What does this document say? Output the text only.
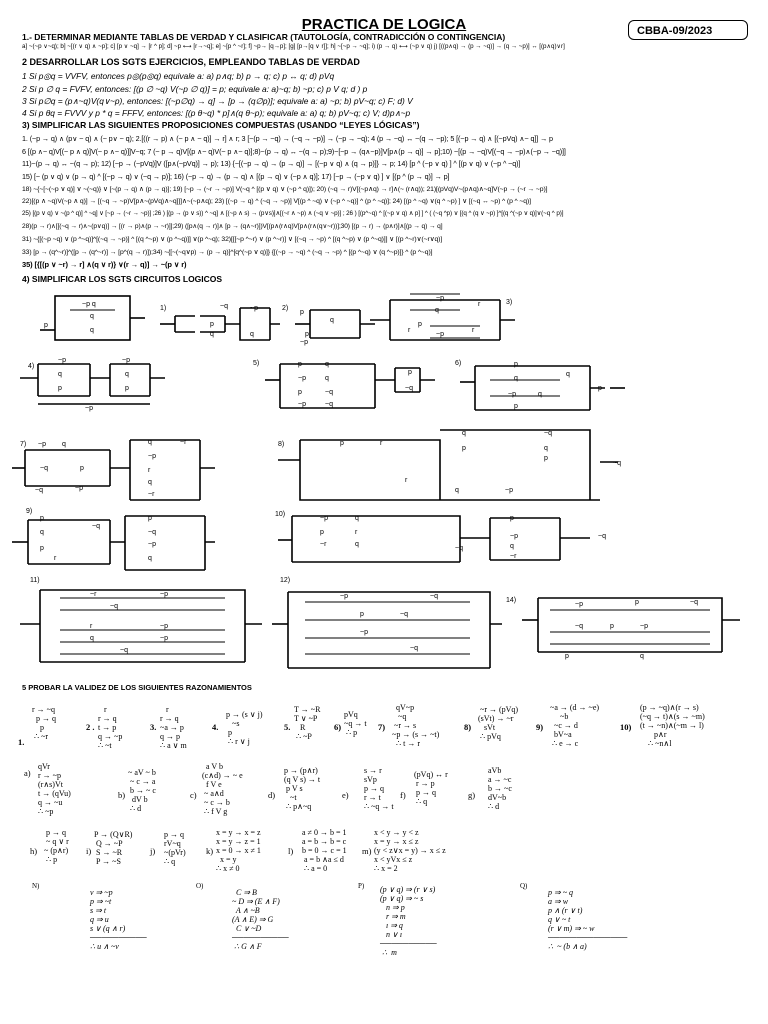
PRACTICA DE LOGICA	CBBA-09/2023
1.- DETERMINAR MEDIANTE TABLAS DE VERDAD Y CLASIFICAR (TAUTOLOGÍA, CONTRADICCIÓN O CONTINGENCIA)
a] ~(~p ∨~q); b] ~[(r ∨ q) ∧ ~p]; c] [p ∨ ~q] → [r ^ p]; d] ~p ⟷ [r→~q]; e] ~[p ^ ~r]; f] ~p→ [q→p]; [g] [p→[q ∨ r]]; h] ~[~p → ~q]; i) (p → q) ⟷ (~p ∨ q) j) [((p∧q) → (p → ~q)] → (q → ~p)] ↔ [(p∧q)∨r]
2 DESARROLLAR LOS SGTS EJERCICIOS, EMPLEANDO TABLAS DE VERDAD
1 Si p◎q = VVFV, entonces p◎(p◎q) equivale a: a) p∧q; b) p → q; c) p ↔ q; d) pVq
2 Si p ∅ q = FVFV, entonces: [(p ∅ ~q) V(~p ∅ q)] = p; equivale a: a)~q; b) ~p; c) p V q; d ) p
3 Si p∅q = (p∧~q)V(q∨~p), entonces: [(~p∅q) → q] → [p → (q∅p)]; equivale a: a) ~p; b) pV~q; c) F; d) V
4 Si p θq = FVVV y p * q = FFFV, entonces: [(p θ~q) * p]∧(q θ~p); equivale a: a) q; b) pV~q; c) V; d)p∧~p
3) SIMPLIFICAR LAS SIGUIENTES PROPOSICIONES COMPUESTAS (USANDO “LEYES LÓGICAS”)
1. (~p → q) ∧ (p∨ ~ q) ∧ (~ p∨ ~ q); 2.[((r → p) ∧ (~ p ∧ ~ q)] → r] ∧ r; 3 [~(p → ~q) → (~q → ~p)] → (~p → ~q); 4 (p → ~q) ↔ ~(q → ~p); 5 [(~p → q) ∧ [(~pVq) ∧~ q]] → p
6 [(p ∧~ q)V[(~ p ∧ q)]V(~ p ∧~ q)]]V~q; 7 (~ p → q)V[(p ∧~ q)V(~ p ∧~ q)];8)~(p → q) ↔ ~(q → p);9)~[~p → (q∧~p)]V[p∧(p → q)] → p];10) ~[(p → ~q)V[(~q → ~p)∧(~p → ~q)]]
11)~(p → q) ↔ ~(q → p); 12) [~p → (~pVq)]V ([p∧(~pVq)] → p); 13) {~[(~p → q) → (p → q)] → [(~p ∨ q) ∧ (q → p)]} → p; 14) [p ^ (~p ∨ q) ] ^ [(p ∨ q) ∨ (~p ^ ~q)]
15) [~ (p ∨ q) ∨ (p → q) ^ [(~p → q) ∨ (~q → p)]; 16) (~p → q) → (p → q) ∧ [(p → q) ∨ (~p ∧ q)]; 17) [~p → (~p ∨ q) ] ∨ [(p ^ (p → q)] → p]
18) ~{~[~(~p ∨ q)] ∨ ~(~q)} ∨ [~(p → q) ∧ (p → q)]; 19) [~p → (~r → ~p)] V(~q ^ [(p ∨ q) ∨ (~p ^ q)]); 20) (~q → r)V[(~p∧q) → r]∧(~ (r∧q)); 21)[(pVq)V~(p∧q)∧~q]V(~p → (~r → ~p)]
22)[(p ∧ ~q)V(~p ∧ q)] → [(~q → ~p)V[p∧~(pVq)∧~q]]]∧~(~p∧q); 23) [(~p → q) ^ (~q → ~p)] V[(p ^ ~q) ∨ (~p ^ ~q)] ^ (p ^ ~q)]; 24) [(p ^ ~q) ∨(q ^ ~p) ] ∨ [(~q ↔ ~p) ^ (p ^ ~q)]
25) [(p ∨ q) ∨ ~(p ^ q)] ^ ~q] ∨ [~p → (~r → ~p)] ;26 ) [(p → (p ∨ s)) ^ ~q] ∧ [(~p ∧ s) → (p∨s)]∧[(~r ∧ ~p) ∧ (~q ∨ ~p)] ; 26 ) [(p^~q) ^ [(~p ∨ q) ∧ p] ] ^ ( (~q ^p) ∨ [(q ^ (q ∨ ~p) ]^[(q ^(~p ∨ q)]∨(~q ^ p)]
28)(p → r)∧[[(~q → r)∧~(p∨q)] → [(r → p)∧(p → ~r)]];29) ([p∧(q → r)]∧ [p → (q∧~r)])V[(p∧(r∧q)V[p∧(r∧(q∨~r))];30) [(p → r) → (p∧r)]∧[(p → q) → q]
31) ~{[(~p ~q) ∨ (p ^~q)]^[(~q → ~p)] ^ [(q ^~p) ∨ (p ^~q)]] ∨(p ^~q); 32)[[[~p ^~r) ∨ (p ^~r)] ∨ [(~q → ~p) ^ [(q ^~p) ∨ (p ^~q)]] ∨ [(p ^~r)∨(~r∨q)]
33) [p → (q^~r)]^([p → (q^~r)] → [p^(q → r)]);34) ~{[~(~q∨p) → (p → q)]^[q^(~p ∨ q)]} {[(~p → ~q) ^ (~q → ~p) ^ [(p ^~q) ∨ (q ^~p)]} ^ (p ^~q)]
35) [{[(p ∨ ~r) → r] ∧(q ∨ r)} ∨(r → q)] → ~(p ∨ r)
4) SIMPLIFICAR LOS SGTS CIRCUITOS LOGICOS
p
~p q
q
q
1)	~q	~p
p
q	q
2)
p
q
p
~p
3)
~p
q
p
~p
r
r	r
4)
~p
q
p
~p
q
p
~p
5)	p	q
~p	q
p	~q
~p	~q
p
~q
6)	p
q
q
~p	q
p
p
7) ~p q
~q	p
~q	~p
q	~r
~p
r
q
~r
8)	p	r
q
p
~q
q
p
r
q	~p
~q
9)
p
~q
q
p
r
p
~q
~p
q
10)
~p	q
p	r
~r	q
~q
p
~p
q
~r
~q
11)
~r	~p
~q
r	~p
q	~p
~q
12)
~p	~q
p	~q
~p
~q
14)
~p	p	~q
~q	p	~p
p	q
5 PROBAR LA VALIDEZ DE LOS SIGUIENTES RAZONAMIENTOS
1.
r → ~q
p → q
p
∴ ~r
2 .
r
r → q
t → p
q → ~p
∴ ~t
3.
r
r → q
~a → p
q → p
∴ a ∨ m
4.
p → (s ∨ j)
~s
p
∴ r ∨ j
5.
T → ~R
T ∨ ~P
R
∴ ~P
6)
pVq
~q → t
∴ p
7)
qV~p
~q
~r → s
~p → (s → ~t)
∴ t → r
8)
~r → (pVq)
(sVt) → ~r
sVt
∴ pVq
9)
~a → (d → ~e)
~b
~c → d
bV~a
∴ e → c
10)
(p → ~q)∧(r → s)
(~q → t)∧(s → ~m)
(t → ~n)∧(~m → l)
p∧r
∴ ~n∧l
a)
qVr
r → ~p
(r∧s)Vt
t → (qVu)
q → ~u
∴ ~p
b)
~ aV ~ b
~ c → a
b → ~ c
dV b
∴ d
c)
a V b
(c∧d) → ~ e
f V e
~ a∧d
~ c → b
∴ f V g
d)
p → (p∧r)
(q V s) → t
p V s
~t
∴ p∧~q
e)
s → r
sVp
p → q
r → t
∴ ~q → t
f)
(pVq) ↔ r
r → p
p → q
∴ q
g)
aVb
a → ~c
b → ~c
dV~b
∴ d
h)
p → q
~ q ∨ r
~ (p∧r)
∴ p
i)
P → (Q∨R)
Q → ~P
S → ~R
P → ~S
j)
p → q
rV~q
~(pVr)
∴ q
k)
x = y → x = z
x = y → z = 1
x = 0 → x ≠ 1
x = y
∴ x ≠ 0
l)
a ≠ 0 → b = 1
a = b → b = c
b = 0 → c = 1
a = b ∧a ≤ d
∴ a = 0
m)
x < y → y < z
x = y → x ≤ z
(y < z∨x = y) → x ≤ z
x < yVx ≤ z
∴ x = 2
N)
v ⇒ ~p
p ⇒ ~t
s ⇒ t
q ⇒ u
s ∨ (q ∧ r)
──────────
∴ u ∧ ~v
O)
C ⇒ B
~ D ⇒ (E ∧ F)
A ∧ ~B
(A ∧ E) ⇒ G
C ∨ ~D
──────────
∴ G ∧ F
P) (p ∨ q) ⇒ (r ∨ s)
(p ∨ q) ⇒ ~ s
n ⇒ p
r ⇒ m
ı ⇒ q
n ∨ ı
──────────
∴  m
Q)
p ⇒ ~ q
a ⇒ w
p ∧ (r ∨ t)
q ∨ ~ t
(r ∨ m) ⇒ ~ w
──────────────
∴  ~ (b ∧ a)
